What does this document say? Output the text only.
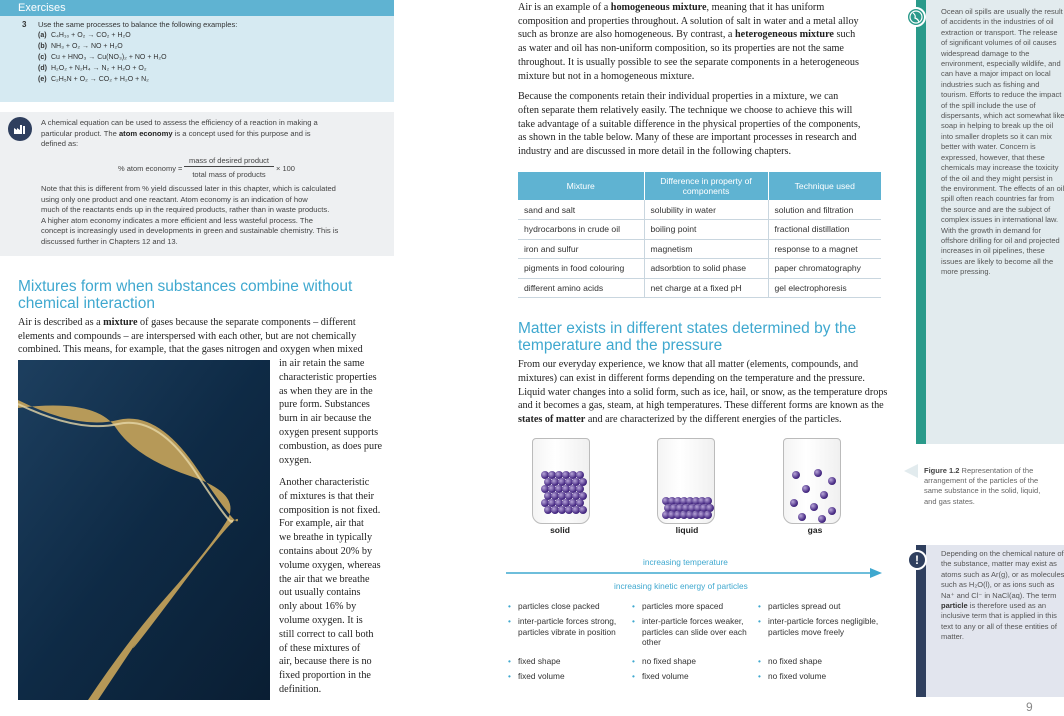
Exercises
3 Use the same processes to balance the following examples:
(a) C₄H₁₀ + O₂ → CO₂ + H₂O
(b) NH₃ + O₂ → NO + H₂O
(c) Cu + HNO₃ → Cu(NO₃)₂ + NO + H₂O
(d) H₂O₂ + N₂H₄ → N₂ + H₂O + O₂
(e) C₂H₅N + O₂ → CO₂ + H₂O + N₂
A chemical equation can be used to assess the efficiency of a reaction in making a
particular product. The atom economy is a concept used for this purpose and is
defined as:
% atom economy =
mass of desired product
total mass of products
× 100
Note that this is different from % yield discussed later in this chapter, which is calculated
using only one product and one reactant. Atom economy is an indication of how
much of the reactants ends up in the required products, rather than in waste products.
A higher atom economy indicates a more efficient and less wasteful process. The
concept is increasingly used in developments in green and sustainable chemistry. This is
discussed further in Chapters 12 and 13.
Mixtures form when substances combine without
chemical interaction
Air is described as a mixture of gases because the separate components – different
elements and compounds – are interspersed with each other, but are not chemically
combined. This means, for example, that the gases nitrogen and oxygen when mixed
in air retain the same
characteristic properties
as when they are in the
pure form. Substances
burn in air because the
oxygen present supports
combustion, as does pure
oxygen.
Another characteristic
of mixtures is that their
composition is not fixed.
For example, air that
we breathe in typically
contains about 20% by
volume oxygen, whereas
the air that we breathe
out usually contains
only about 16% by
volume oxygen. It is
still correct to call both
of these mixtures of
air, because there is no
fixed proportion in the
definition.
Air is an example of a homogeneous mixture, meaning that it has uniform
composition and properties throughout. A solution of salt in water and a metal alloy
such as bronze are also homogeneous. By contrast, a heterogeneous mixture such
as water and oil has non-uniform composition, so its properties are not the same
throughout. It is usually possible to see the separate components in a heterogeneous
mixture but not in a homogeneous mixture.
Because the components retain their individual properties in a mixture, we can
often separate them relatively easily. The technique we choose to achieve this will
take advantage of a suitable difference in the physical properties of the components,
as shown in the table below. Many of these are important processes in research and
industry and are discussed in more detail in the following chapters.
Mixture	Difference in property of components	Technique used
sand and salt	solubility in water	solution and filtration
hydrocarbons in crude oil	boiling point	fractional distillation
iron and sulfur	magnetism	response to a magnet
pigments in food colouring	adsorbtion to solid phase	paper chromatography
different amino acids	net charge at a fixed pH	gel electrophoresis
Matter exists in different states determined by the
temperature and the pressure
From our everyday experience, we know that all matter (elements, compounds, and
mixtures) can exist in different forms depending on the temperature and the pressure.
Liquid water changes into a solid form, such as ice, hail, or snow, as the temperature drops
and it becomes a gas, steam, at high temperatures. These different forms are known as the
states of matter and are characterized by the different energies of the particles.
solid	liquid	gas
increasing temperature
increasing kinetic energy of particles
• particles close packed
• inter-particle forces strong, particles vibrate in position
• fixed shape
• fixed volume
• particles more spaced
• inter-particle forces weaker, particles can slide over each other
• no fixed shape
• fixed volume
• particles spread out
• inter-particle forces negligible, particles move freely
• no fixed shape
• no fixed volume
Ocean oil spills are usually the result of accidents in the industries of oil extraction or transport. The release of significant volumes of oil causes widespread damage to the environment, especially wildlife, and can have a major impact on local industries such as fishing and tourism. Efforts to reduce the impact of the spill include the use of dispersants, which act somewhat like soap in helping to break up the oil into smaller droplets so it can mix better with water. Concern is expressed, however, that these chemicals may increase the toxicity of the oil and they might persist in the environment. The effects of an oil spill often reach countries far from the source and are the subject of complex issues in international law. With the growth in demand for offshore drilling for oil and projected increases in oil pipelines, these issues are likely to become all the more pressing.
Figure 1.2 Representation of the arrangement of the particles of the same substance in the solid, liquid, and gas states.
!	Depending on the chemical nature of the substance, matter may exist as atoms such as Ar(g), or as molecules such as H₂O(l), or as ions such as Na⁺ and Cl⁻ in NaCl(aq). The term particle is therefore used as an inclusive term that is applied in this text to any or all of these entities of matter.
9
